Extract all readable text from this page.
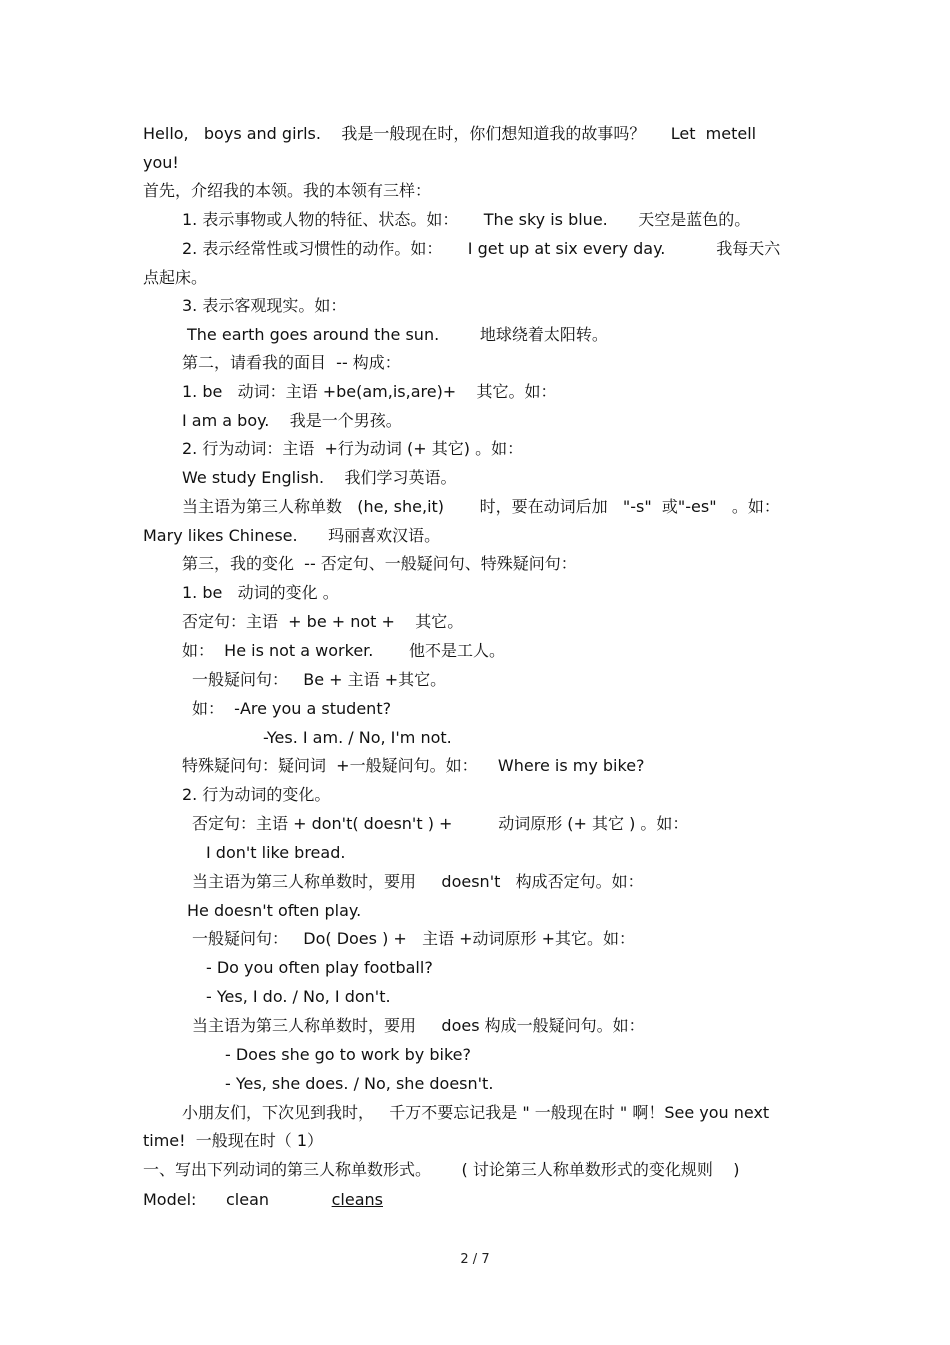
Hello,   boys and girls.    我是一般现在时，你们想知道我的故事吗？     Let  metell
you!
首先，介绍我的本领。我的本领有三样：
1. 表示事物或人物的特征、状态。如：     The sky is blue.      天空是蓝色的。
2. 表示经常性或习惯性的动作。如：     I get up at six every day.          我每天六
点起床。
3. 表示客观现实。如：
The earth goes around the sun.        地球绕着太阳转。
第二，请看我的面目  -- 构成：
1. be   动词：主语 +be(am,is,are)+    其它。如：
I am a boy.    我是一个男孩。
2. 行为动词：主语  +行为动词 (+ 其它) 。如：
We study English.    我们学习英语。
当主语为第三人称单数   (he, she,it)       时，要在动词后加   "-s"  或"-es"   。如：
Mary likes Chinese.      玛丽喜欢汉语。
第三，我的变化  -- 否定句、一般疑问句、特殊疑问句：
1. be   动词的变化 。
否定句：主语  + be + not +    其它。
如：  He is not a worker.       他不是工人。
一般疑问句：   Be + 主语 +其它。
如：  -Are you a student?
-Yes. I am. / No, I'm not.
特殊疑问句：疑问词  +一般疑问句。如：    Where is my bike?
2. 行为动词的变化。
否定句：主语 + don't( doesn't ) +         动词原形 (+ 其它 ) 。如：
I don't like bread.
当主语为第三人称单数时，要用     doesn't   构成否定句。如：
He doesn't often play.
一般疑问句：   Do( Does ) +   主语 +动词原形 +其它。如：
- Do you often play football?
- Yes, I do. / No, I don't.
当主语为第三人称单数时，要用     does 构成一般疑问句。如：
- Does she go to work by bike?
- Yes, she does. / No, she doesn't.
小朋友们，下次见到我时，   千万不要忘记我是 " 一般现在时 " 啊！See you next
time!  一般现在时（ 1）
一、写出下列动词的第三人称单数形式。      ( 讨论第三人称单数形式的变化规则    )
Model: clean	cleans
2 / 7
